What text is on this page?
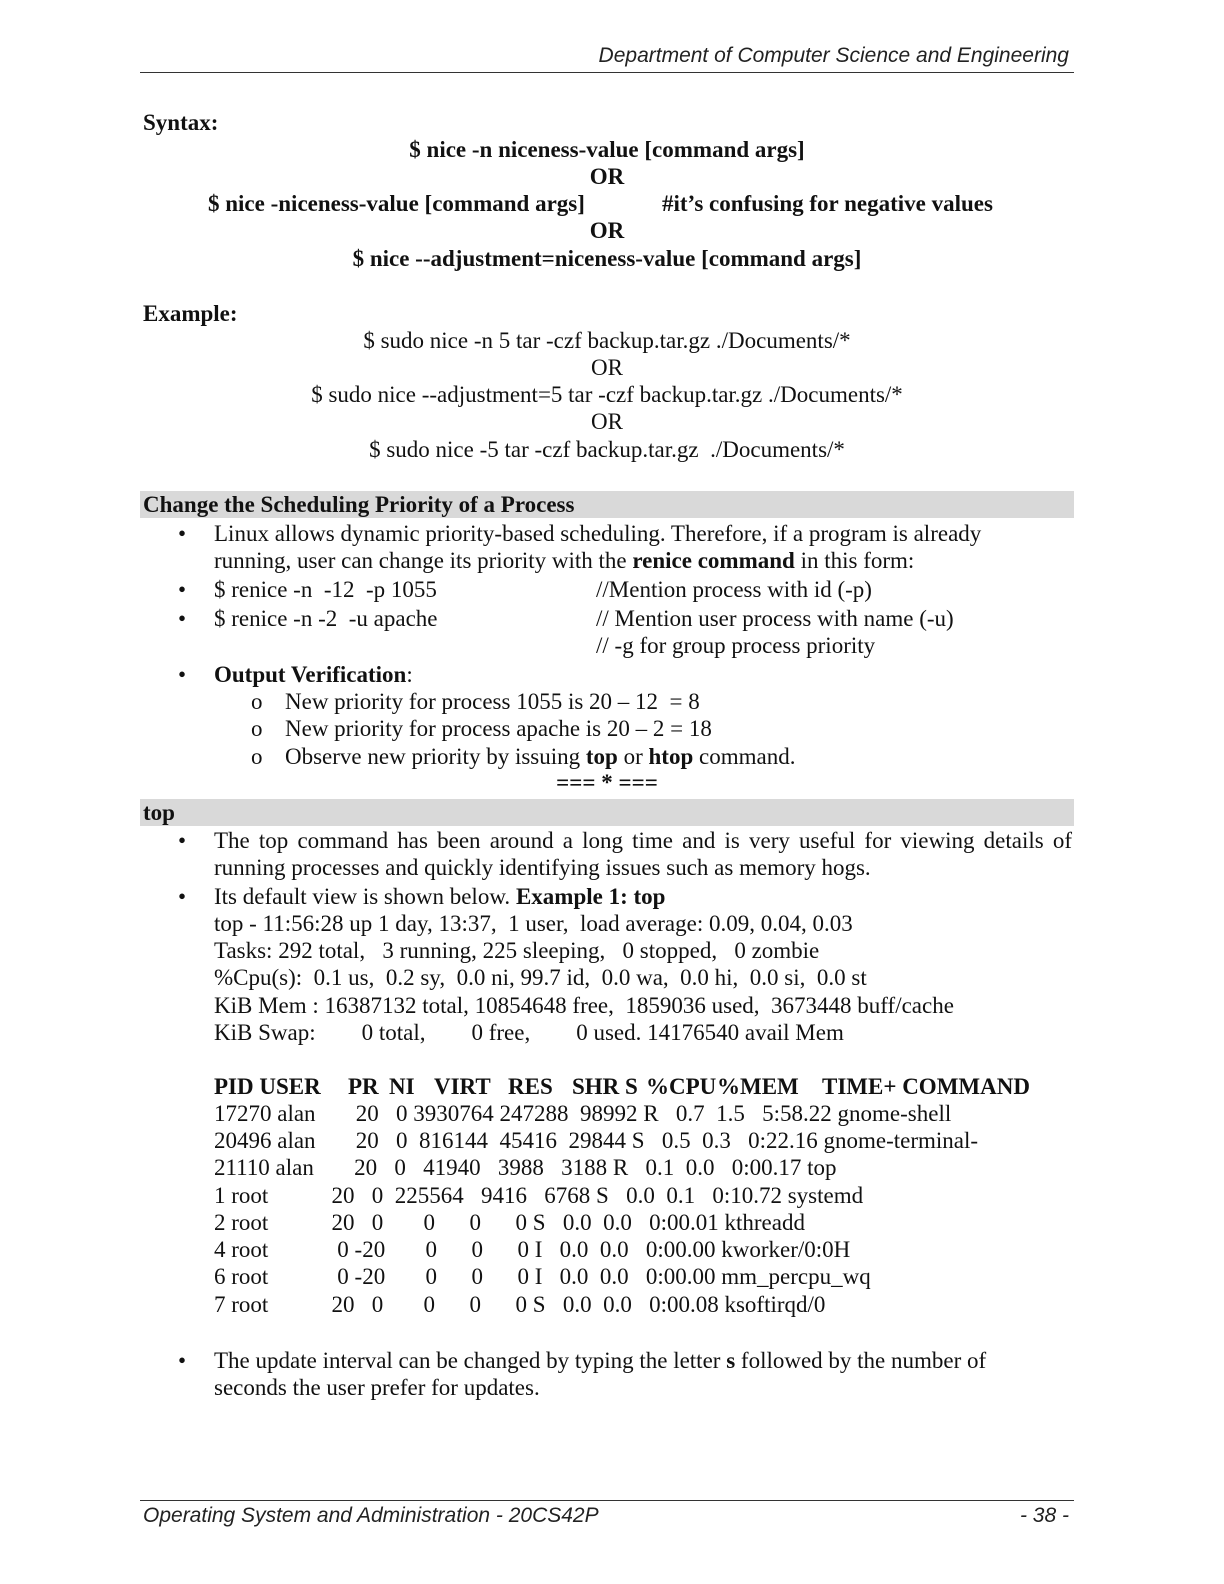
Department of Computer Science and Engineering
Syntax:
$ nice -n niceness-value [command args]
OR
$ nice -niceness-value [command args]	#it’s confusing for negative values
OR
$ nice --adjustment=niceness-value [command args]
Example:
$ sudo nice -n 5 tar -czf backup.tar.gz ./Documents/*
OR
$ sudo nice --adjustment=5 tar -czf backup.tar.gz ./Documents/*
OR
$ sudo nice -5 tar -czf backup.tar.gz  ./Documents/*
Change the Scheduling Priority of a Process
• Linux allows dynamic priority-based scheduling. Therefore, if a program is already
running, user can change its priority with the renice command in this form:
• $ renice -n  -12  -p 1055	//Mention process with id (-p)
• $ renice -n -2  -u apache	// Mention user process with name (-u)
// -g for group process priority
• Output Verification:
o New priority for process 1055 is 20 – 12  = 8
o New priority for process apache is 20 – 2 = 18
o Observe new priority by issuing top or htop command.
=== * ===
top
• The top command has been around a long time and is very useful for viewing details of
running processes and quickly identifying issues such as memory hogs.
• Its default view is shown below. Example 1: top
top - 11:56:28 up 1 day, 13:37,  1 user,  load average: 0.09, 0.04, 0.03
Tasks: 292 total,   3 running, 225 sleeping,   0 stopped,   0 zombie
%Cpu(s):  0.1 us,  0.2 sy,  0.0 ni, 99.7 id,  0.0 wa,  0.0 hi,  0.0 si,  0.0 st
KiB Mem : 16387132 total, 10854648 free,  1859036 used,  3673448 buff/cache
KiB Swap:        0 total,        0 free,        0 used. 14176540 avail Mem
PID USER PR NI VIRT RES SHR S %CPU %MEM TIME+ COMMAND
17270 alan       20   0 3930764 247288  98992 R   0.7  1.5   5:58.22 gnome-shell
20496 alan       20   0  816144  45416  29844 S   0.5  0.3   0:22.16 gnome-terminal-
21110 alan       20   0   41940   3988   3188 R   0.1  0.0   0:00.17 top
1 root           20   0  225564   9416   6768 S   0.0  0.1   0:10.72 systemd
2 root           20   0       0      0      0 S   0.0  0.0   0:00.01 kthreadd
4 root            0 -20       0      0      0 I   0.0  0.0   0:00.00 kworker/0:0H
6 root            0 -20       0      0      0 I   0.0  0.0   0:00.00 mm_percpu_wq
7 root           20   0       0      0      0 S   0.0  0.0   0:00.08 ksoftirqd/0
• The update interval can be changed by typing the letter s followed by the number of
seconds the user prefer for updates.
Operating System and Administration - 20CS42P	- 38 -
